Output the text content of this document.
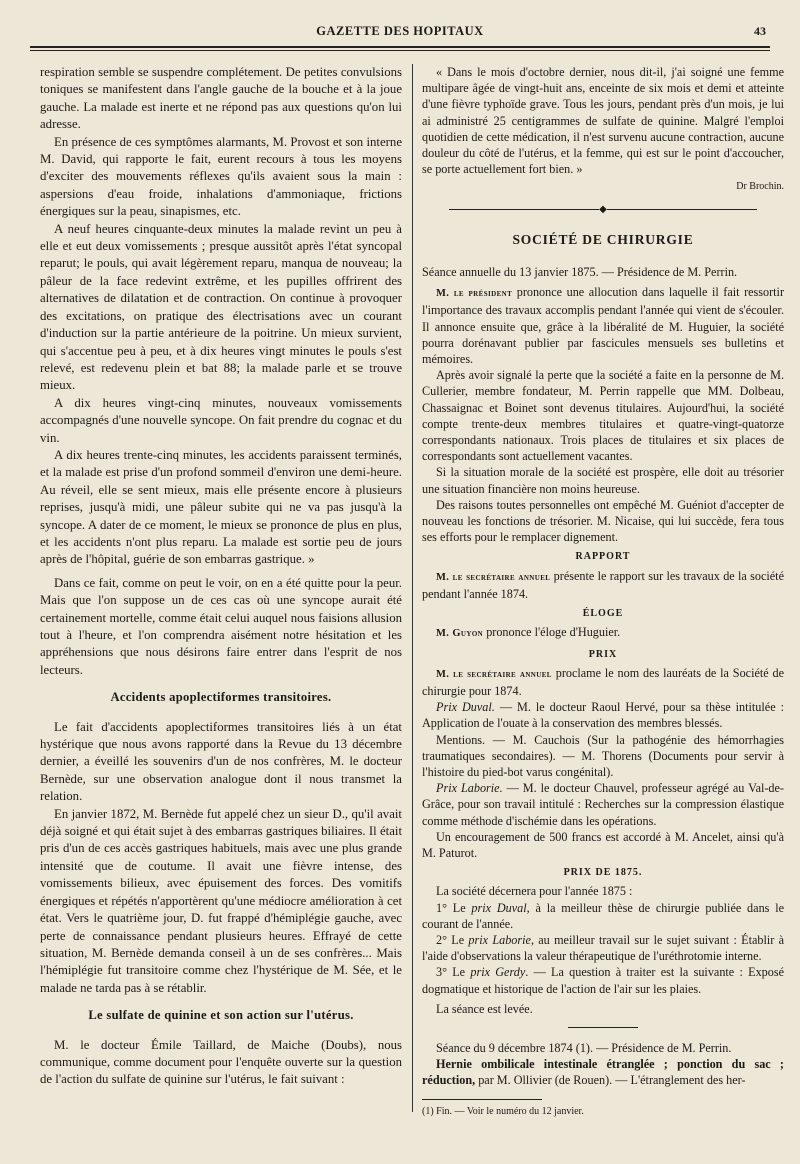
GAZETTE DES HOPITAUX	43

respiration semble se suspendre complétement. De petites convulsions toniques se manifestent dans l'angle gauche de la bouche et à la joue gauche. La malade est inerte et ne répond pas aux questions qu'on lui adresse.

En présence de ces symptômes alarmants, M. Provost et son interne M. David, qui rapporte le fait, eurent recours à tous les moyens d'exciter des mouvements réflexes qu'ils avaient sous la main : aspersions d'eau froide, inhalations d'ammoniaque, frictions énergiques sur la peau, sinapismes, etc.

A neuf heures cinquante-deux minutes la malade revint un peu à elle et eut deux vomissements ; presque aussitôt après l'état syncopal reparut; le pouls, qui avait légèrement reparu, manqua de nouveau; la pâleur de la face redevint extrême, et les pupilles offrirent des alternatives de dilatation et de contraction. On continue à provoquer des excitations, on pratique des électrisations avec un courant d'induction sur la partie antérieure de la poitrine. Un mieux survient, qui s'accentue peu à peu, et à dix heures vingt minutes le pouls s'est relevé, est redevenu plein et bat 88; la malade parle et se trouve mieux.

A dix heures vingt-cinq minutes, nouveaux vomissements accompagnés d'une nouvelle syncope. On fait prendre du cognac et du vin.

A dix heures trente-cinq minutes, les accidents paraissent terminés, et la malade est prise d'un profond sommeil d'environ une demi-heure. Au réveil, elle se sent mieux, mais elle présente encore à plusieurs reprises, jusqu'à midi, une pâleur subite qui ne va pas jusqu'à la syncope. A dater de ce moment, le mieux se prononce de plus en plus, et les accidents n'ont plus reparu. La malade est sortie peu de jours après de l'hôpital, guérie de son embarras gastrique. »

Dans ce fait, comme on peut le voir, on en a été quitte pour la peur. Mais que l'on suppose un de ces cas où une syncope aurait été certainement mortelle, comme était celui auquel nous faisions allusion tout à l'heure, et l'on comprendra aisément notre hésitation et les appréhensions que nous désirons faire entrer dans l'esprit de nos lecteurs.

Accidents apoplectiformes transitoires.

Le fait d'accidents apoplectiformes transitoires liés à un état hystérique que nous avons rapporté dans la Revue du 13 décembre dernier, a éveillé les souvenirs d'un de nos confrères, M. le docteur Bernède, sur une observation analogue dont il nous transmet la relation.

En janvier 1872, M. Bernède fut appelé chez un sieur D., qu'il avait déjà soigné et qui était sujet à des embarras gastriques biliaires. Il était pris d'un de ces accès gastriques habituels, mais avec une plus grande intensité que de coutume. Il avait une fièvre intense, des vomissements bilieux, avec épuisement des forces. Des vomitifs énergiques et répétés n'apportèrent qu'une médiocre amélioration à cet état. Vers le quatrième jour, D. fut frappé d'hémiplégie gauche, avec perte de connaissance pendant plusieurs heures. Effrayé de cette situation, M. Bernède demanda conseil à un de ses confrères... Mais l'hémiplégie fut transitoire comme chez l'hystérique de M. Sée, et le malade ne tarda pas à se rétablir.

Le sulfate de quinine et son action sur l'utérus.

M. le docteur Émile Taillard, de Maiche (Doubs), nous communique, comme document pour l'enquête ouverte sur la question de l'action du sulfate de quinine sur l'utérus, le fait suivant :

« Dans le mois d'octobre dernier, nous dit-il, j'ai soigné une femme multipare âgée de vingt-huit ans, enceinte de six mois et demi et atteinte d'une fièvre typhoïde grave. Tous les jours, pendant près d'un mois, je lui ai administré 25 centigrammes de sulfate de quinine. Malgré l'emploi quotidien de cette médication, il n'est survenu aucune contraction, aucune douleur du côté de l'utérus, et la femme, qui est sur le point d'accoucher, se porte actuellement fort bien. »

Dr Brochin.
◆
SOCIÉTÉ DE CHIRURGIE

Séance annuelle du 13 janvier 1875. — Présidence de M. Perrin.

M. le président prononce une allocution dans laquelle il fait ressortir l'importance des travaux accomplis pendant l'année qui vient de s'écouler. Il annonce ensuite que, grâce à la libéralité de M. Huguier, la société pourra dorénavant publier par fascicules mensuels ses bulletins et mémoires.

Après avoir signalé la perte que la société a faite en la personne de M. Cullerier, membre fondateur, M. Perrin rappelle que MM. Dolbeau, Chassaignac et Boinet sont devenus titulaires. Aujourd'hui, la société compte trente-deux membres titulaires et quatre-vingt-quatorze correspondants nationaux. Trois places de titulaires et six places de correspondants sont actuellement vacantes.

Si la situation morale de la société est prospère, elle doit au trésorier une situation financière non moins heureuse.

Des raisons toutes personnelles ont empêché M. Guéniot d'accepter de nouveau les fonctions de trésorier. M. Nicaise, qui lui succède, fera tous ses efforts pour le remplacer dignement.

RAPPORT

M. le secrétaire annuel présente le rapport sur les travaux de la société pendant l'année 1874.

ÉLOGE

M. Guyon prononce l'éloge d'Huguier.

PRIX

M. le secrétaire annuel proclame le nom des lauréats de la Société de chirurgie pour 1874.

Prix Duval. — M. le docteur Raoul Hervé, pour sa thèse intitulée : Application de l'ouate à la conservation des membres blessés.

Mentions. — M. Cauchois (Sur la pathogénie des hémorrhagies traumatiques secondaires). — M. Thorens (Documents pour servir à l'histoire du pied-bot varus congénital).

Prix Laborie. — M. le docteur Chauvel, professeur agrégé au Val-de-Grâce, pour son travail intitulé : Recherches sur la compression élastique comme méthode d'ischémie dans les opérations.

Un encouragement de 500 francs est accordé à M. Ancelet, ainsi qu'à M. Paturot.

PRIX DE 1875.

La société décernera pour l'année 1875 :

1° Le prix Duval, à la meilleur thèse de chirurgie publiée dans le courant de l'année.

2° Le prix Laborie, au meilleur travail sur le sujet suivant : Établir à l'aide d'observations la valeur thérapeutique de l'uréthrotomie interne.

3° Le prix Gerdy. — La question à traiter est la suivante : Exposé dogmatique et historique de l'action de l'air sur les plaies.

La séance est levée.

Séance du 9 décembre 1874 (1). — Présidence de M. Perrin.

Hernie ombilicale intestinale étranglée ; ponction du sac ; réduction, par M. Ollivier (de Rouen). — L'étranglement des her-

(1) Fin. — Voir le numéro du 12 janvier.
